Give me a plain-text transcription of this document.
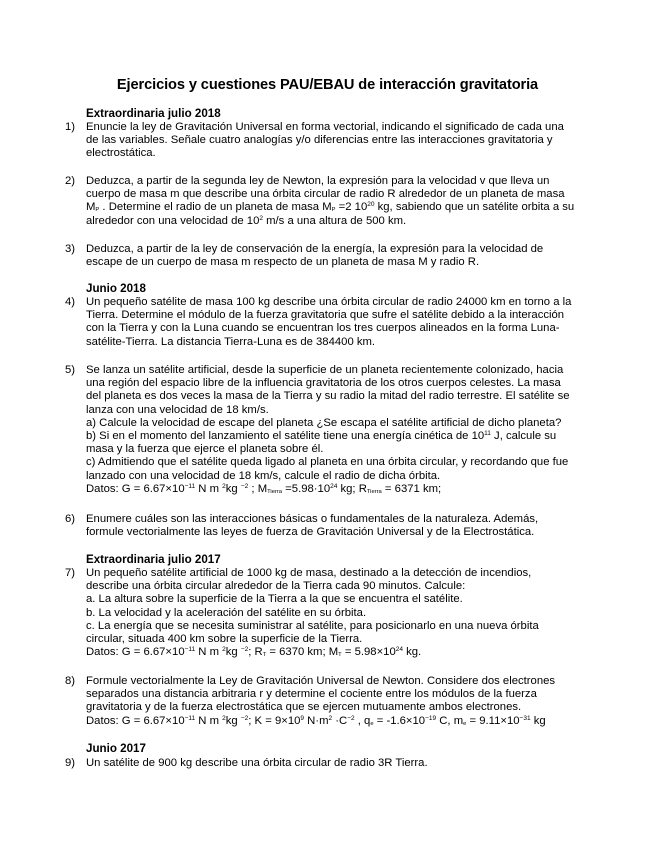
Ejercicios y cuestiones PAU/EBAU de interacción gravitatoria
Extraordinaria julio 2018
1) Enuncie la ley de Gravitación Universal en forma vectorial, indicando el significado de cada una
de las variables. Señale cuatro analogías y/o diferencias entre las interacciones gravitatoria y
electrostática.
2) Deduzca, a partir de la segunda ley de Newton, la expresión para la velocidad v que lleva un
cuerpo de masa m que describe una órbita circular de radio R alrededor de un planeta de masa
$M_P$ . Determine el radio de un planeta de masa $M_P =2$ $10^{20}$ kg, sabiendo que un satélite orbita a su
alrededor con una velocidad de $10^2$ m/s a una altura de 500 km.
3) Deduzca, a partir de la ley de conservación de la energía, la expresión para la velocidad de
escape de un cuerpo de masa m respecto de un planeta de masa M y radio R.
Junio 2018
4) Un pequeño satélite de masa 100 kg describe una órbita circular de radio 24000 km en torno a la
Tierra. Determine el módulo de la fuerza gravitatoria que sufre el satélite debido a la interacción
con la Tierra y con la Luna cuando se encuentran los tres cuerpos alineados en la forma Luna-
satélite-Tierra. La distancia Tierra-Luna es de 384400 km.
5) Se lanza un satélite artificial, desde la superficie de un planeta recientemente colonizado, hacia
una región del espacio libre de la influencia gravitatoria de los otros cuerpos celestes. La masa
del planeta es dos veces la masa de la Tierra y su radio la mitad del radio terrestre. El satélite se
lanza con una velocidad de 18 km/s.
a) Calcule la velocidad de escape del planeta ¿Se escapa el satélite artificial de dicho planeta?
b) Si en el momento del lanzamiento el satélite tiene una energía cinética de $10^{11}$ J, calcule su
masa y la fuerza que ejerce el planeta sobre él.
c) Admitiendo que el satélite queda ligado al planeta en una órbita circular, y recordando que fue
lanzado con una velocidad de 18 km/s, calcule el radio de dicha órbita.
Datos: $G = 6.67\times 10^{-11}$ N m $^2$kg $^{-2}$ ; $M_{Tierra} =5.98\cdot 10^{24}$ kg; $R_{Tierra} = 6371$ km;
6) Enumere cuáles son las interacciones básicas o fundamentales de la naturaleza. Además,
formule vectorialmente las leyes de fuerza de Gravitación Universal y de la Electrostática.
Extraordinaria julio 2017
7) Un pequeño satélite artificial de 1000 kg de masa, destinado a la detección de incendios,
describe una órbita circular alrededor de la Tierra cada 90 minutos. Calcule:
a. La altura sobre la superficie de la Tierra a la que se encuentra el satélite.
b. La velocidad y la aceleración del satélite en su órbita.
c. La energía que se necesita suministrar al satélite, para posicionarlo en una nueva órbita
circular, situada 400 km sobre la superficie de la Tierra.
Datos: $G = 6.67\times 10^{-11}$ N m $^2$kg $^{-2}$; $R_T = 6370$ km; $M_T = 5.98\times 10^{24}$ kg.
8) Formule vectorialmente la Ley de Gravitación Universal de Newton. Considere dos electrones
separados una distancia arbitraria r y determine el cociente entre los módulos de la fuerza
gravitatoria y de la fuerza electrostática que se ejercen mutuamente ambos electrones.
Datos: $G = 6.67\times 10^{-11}$ N m $^2$kg $^{-2}$; $K = 9\times 10^9$ $N\cdot m^2 \cdot C^{-2}$ , $q_e = -1.6\times 10^{-19}$ C, $m_e = 9.11\times 10^{-31}$ kg
Junio 2017
9) Un satélite de 900 kg describe una órbita circular de radio 3R Tierra.
